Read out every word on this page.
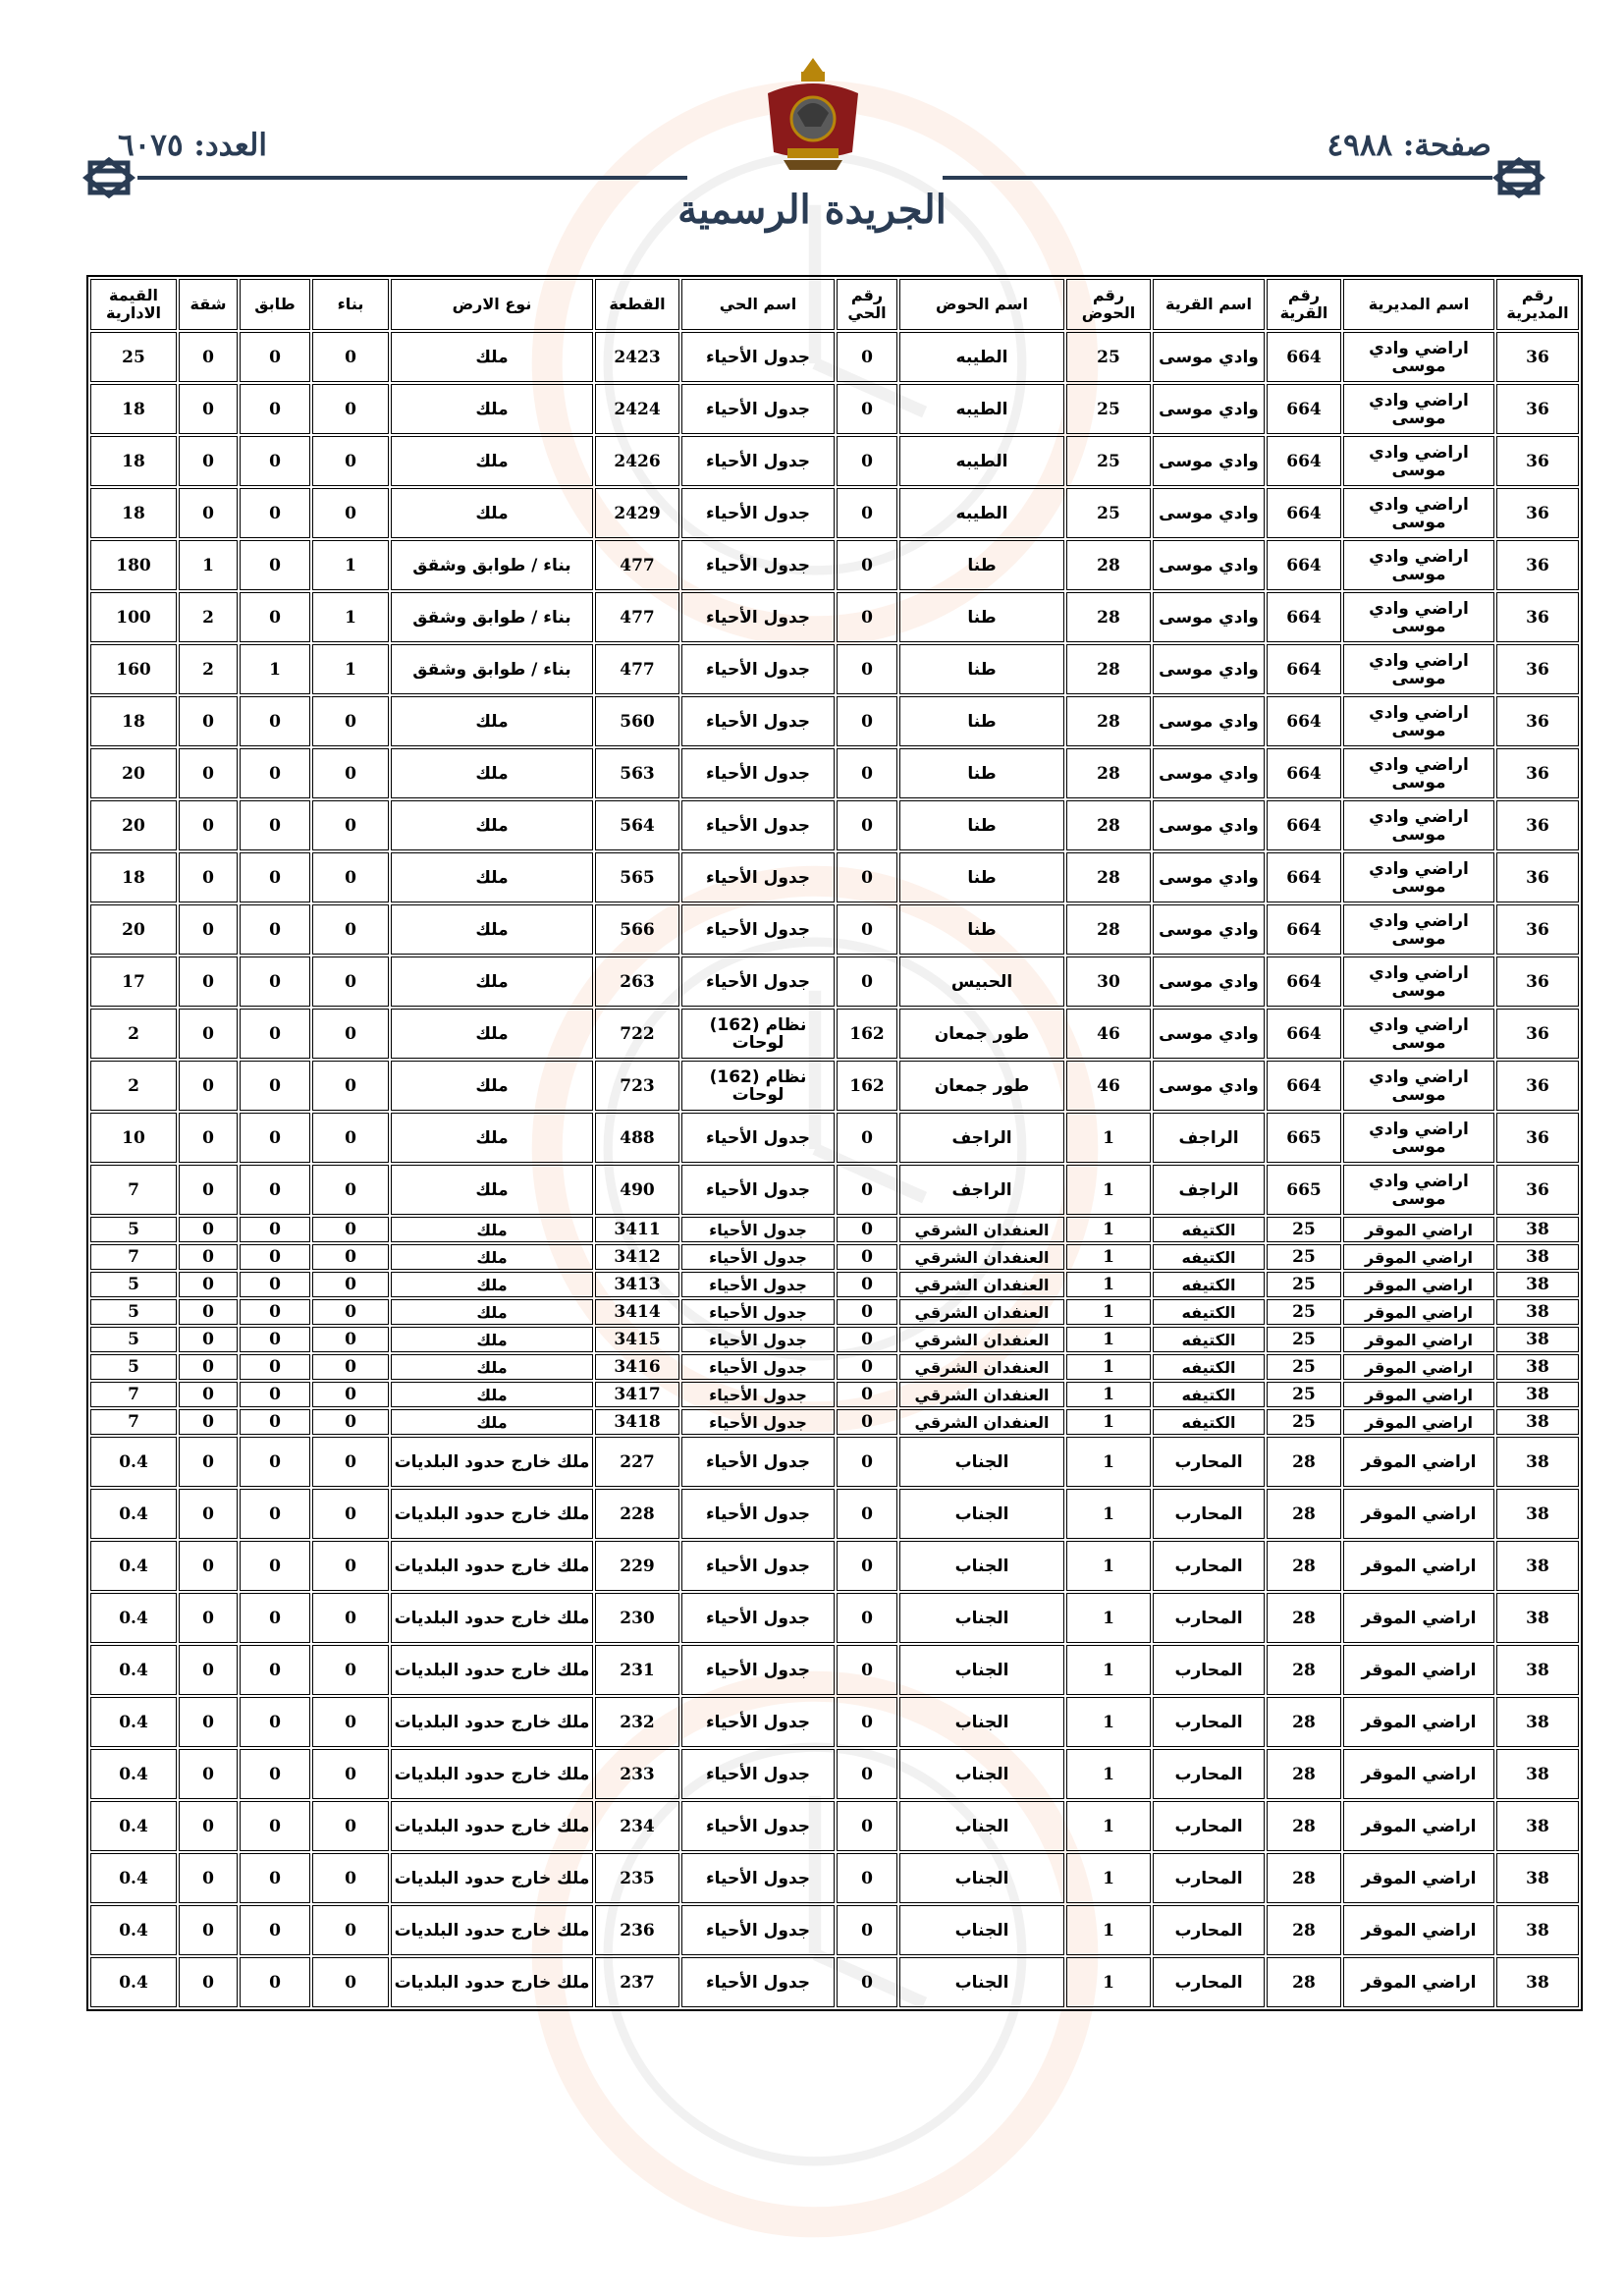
صفحة: ٤٩٨٨
العدد: ٦٠٧٥
الجريدة الرسمية
رقم المديرية	اسم المديرية	رقم القرية	اسم القرية	رقم الحوض	اسم الحوض	رقم الحي	اسم الحي	القطعة	نوع الارض	بناء	طابق	شقة	القيمة الادارية
36	اراضي وادي موسى	664	وادي موسى	25	الطيبه	0	جدول الأحياء	2423	ملك	0	0	0	25
36	اراضي وادي موسى	664	وادي موسى	25	الطيبه	0	جدول الأحياء	2424	ملك	0	0	0	18
36	اراضي وادي موسى	664	وادي موسى	25	الطيبه	0	جدول الأحياء	2426	ملك	0	0	0	18
36	اراضي وادي موسى	664	وادي موسى	25	الطيبه	0	جدول الأحياء	2429	ملك	0	0	0	18
36	اراضي وادي موسى	664	وادي موسى	28	طنا	0	جدول الأحياء	477	بناء / طوابق وشقق	1	0	1	180
36	اراضي وادي موسى	664	وادي موسى	28	طنا	0	جدول الأحياء	477	بناء / طوابق وشقق	1	0	2	100
36	اراضي وادي موسى	664	وادي موسى	28	طنا	0	جدول الأحياء	477	بناء / طوابق وشقق	1	1	2	160
36	اراضي وادي موسى	664	وادي موسى	28	طنا	0	جدول الأحياء	560	ملك	0	0	0	18
36	اراضي وادي موسى	664	وادي موسى	28	طنا	0	جدول الأحياء	563	ملك	0	0	0	20
36	اراضي وادي موسى	664	وادي موسى	28	طنا	0	جدول الأحياء	564	ملك	0	0	0	20
36	اراضي وادي موسى	664	وادي موسى	28	طنا	0	جدول الأحياء	565	ملك	0	0	0	18
36	اراضي وادي موسى	664	وادي موسى	28	طنا	0	جدول الأحياء	566	ملك	0	0	0	20
36	اراضي وادي موسى	664	وادي موسى	30	الحبيس	0	جدول الأحياء	263	ملك	0	0	0	17
36	اراضي وادي موسى	664	وادي موسى	46	طور جمعان	162	نظام (162) لوحات	722	ملك	0	0	0	2
36	اراضي وادي موسى	664	وادي موسى	46	طور جمعان	162	نظام (162) لوحات	723	ملك	0	0	0	2
36	اراضي وادي موسى	665	الراجف	1	الراجف	0	جدول الأحياء	488	ملك	0	0	0	10
36	اراضي وادي موسى	665	الراجف	1	الراجف	0	جدول الأحياء	490	ملك	0	0	0	7
38	اراضي الموقر	25	الكتيفه	1	العنفدان الشرقي	0	جدول الأحياء	3411	ملك	0	0	0	5
38	اراضي الموقر	25	الكتيفه	1	العنفدان الشرقي	0	جدول الأحياء	3412	ملك	0	0	0	7
38	اراضي الموقر	25	الكتيفه	1	العنفدان الشرقي	0	جدول الأحياء	3413	ملك	0	0	0	5
38	اراضي الموقر	25	الكتيفه	1	العنفدان الشرقي	0	جدول الأحياء	3414	ملك	0	0	0	5
38	اراضي الموقر	25	الكتيفه	1	العنفدان الشرقي	0	جدول الأحياء	3415	ملك	0	0	0	5
38	اراضي الموقر	25	الكتيفه	1	العنفدان الشرقي	0	جدول الأحياء	3416	ملك	0	0	0	5
38	اراضي الموقر	25	الكتيفه	1	العنفدان الشرقي	0	جدول الأحياء	3417	ملك	0	0	0	7
38	اراضي الموقر	25	الكتيفه	1	العنفدان الشرقي	0	جدول الأحياء	3418	ملك	0	0	0	7
38	اراضي الموقر	28	المحارب	1	الجناب	0	جدول الأحياء	227	ملك خارج حدود البلديات	0	0	0	0.4
38	اراضي الموقر	28	المحارب	1	الجناب	0	جدول الأحياء	228	ملك خارج حدود البلديات	0	0	0	0.4
38	اراضي الموقر	28	المحارب	1	الجناب	0	جدول الأحياء	229	ملك خارج حدود البلديات	0	0	0	0.4
38	اراضي الموقر	28	المحارب	1	الجناب	0	جدول الأحياء	230	ملك خارج حدود البلديات	0	0	0	0.4
38	اراضي الموقر	28	المحارب	1	الجناب	0	جدول الأحياء	231	ملك خارج حدود البلديات	0	0	0	0.4
38	اراضي الموقر	28	المحارب	1	الجناب	0	جدول الأحياء	232	ملك خارج حدود البلديات	0	0	0	0.4
38	اراضي الموقر	28	المحارب	1	الجناب	0	جدول الأحياء	233	ملك خارج حدود البلديات	0	0	0	0.4
38	اراضي الموقر	28	المحارب	1	الجناب	0	جدول الأحياء	234	ملك خارج حدود البلديات	0	0	0	0.4
38	اراضي الموقر	28	المحارب	1	الجناب	0	جدول الأحياء	235	ملك خارج حدود البلديات	0	0	0	0.4
38	اراضي الموقر	28	المحارب	1	الجناب	0	جدول الأحياء	236	ملك خارج حدود البلديات	0	0	0	0.4
38	اراضي الموقر	28	المحارب	1	الجناب	0	جدول الأحياء	237	ملك خارج حدود البلديات	0	0	0	0.4
